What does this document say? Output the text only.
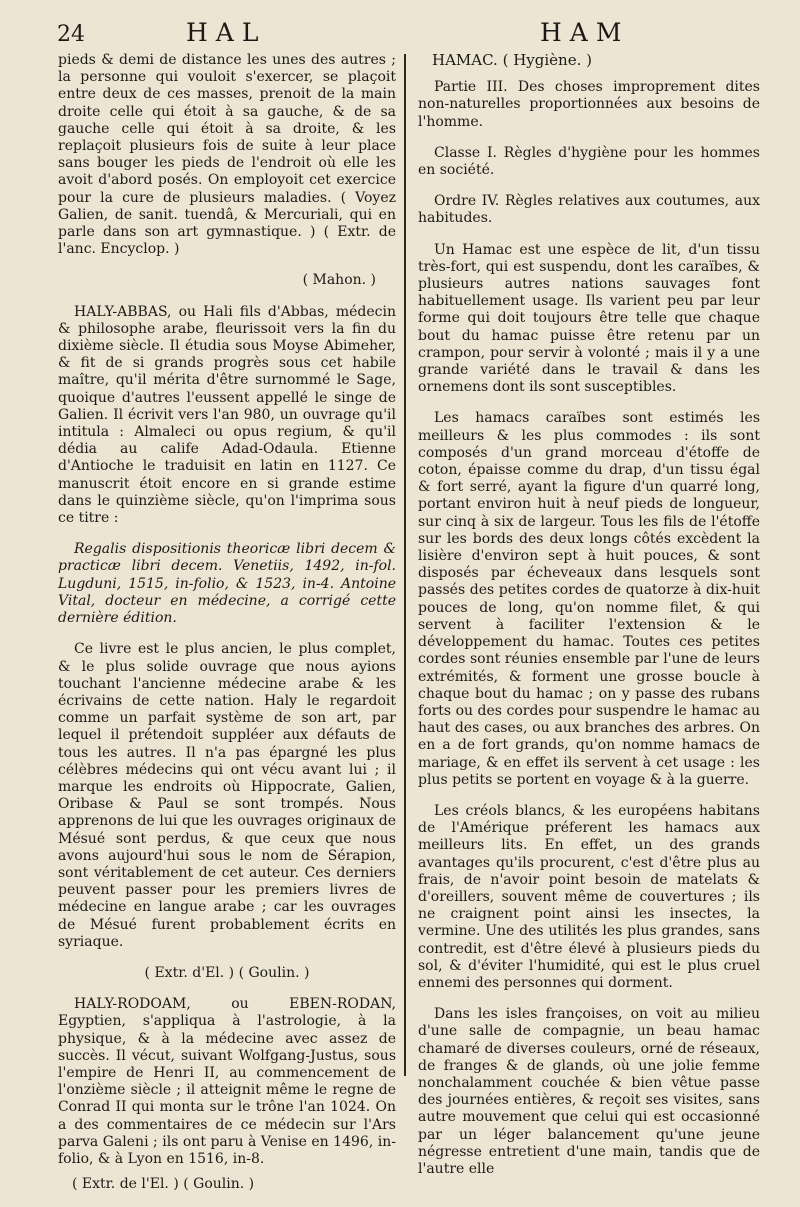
24	HAL	HAM

pieds & demi de distance les unes des autres ; la personne qui vouloit s'exercer, se plaçoit entre deux de ces masses, prenoit de la main droite celle qui étoit à sa gauche, & de sa gauche celle qui étoit à sa droite, & les replaçoit plusieurs fois de suite à leur place sans bouger les pieds de l'endroit où elle les avoit d'abord posés. On employoit cet exercice pour la cure de plusieurs maladies. ( Voyez Galien, de sanit. tuendâ, & Mercuriali, qui en parle dans son art gymnastique. ) ( Extr. de l'anc. Encyclop. )

( Mahon. )

HALY-ABBAS, ou Hali fils d'Abbas, médecin & philosophe arabe, fleurissoit vers la fin du dixième siècle. Il étudia sous Moyse Abimeher, & fit de si grands progrès sous cet habile maître, qu'il mérita d'être surnommé le Sage, quoique d'autres l'eussent appellé le singe de Galien. Il écrivit vers l'an 980, un ouvrage qu'il intitula : Almaleci ou opus regium, & qu'il dédia au calife Adad-Odaula. Etienne d'Antioche le traduisit en latin en 1127. Ce manuscrit étoit encore en si grande estime dans le quinzième siècle, qu'on l'imprima sous ce titre :

Regalis dispositionis theoricæ libri decem & practicæ libri decem. Venetiis, 1492, in-fol. Lugduni, 1515, in-folio, & 1523, in-4. Antoine Vital, docteur en médecine, a corrigé cette dernière édition.

Ce livre est le plus ancien, le plus complet, & le plus solide ouvrage que nous ayions touchant l'ancienne médecine arabe & les écrivains de cette nation. Haly le regardoit comme un parfait système de son art, par lequel il prétendoit suppléer aux défauts de tous les autres. Il n'a pas épargné les plus célèbres médecins qui ont vécu avant lui ; il marque les endroits où Hippocrate, Galien, Oribase & Paul se sont trompés. Nous apprenons de lui que les ouvrages originaux de Mésué sont perdus, & que ceux que nous avons aujourd'hui sous le nom de Sérapion, sont véritablement de cet auteur. Ces derniers peuvent passer pour les premiers livres de médecine en langue arabe ; car les ouvrages de Mésué furent probablement écrits en syriaque.

( Extr. d'El. ) ( Goulin. )

HALY-RODOAM, ou EBEN-RODAN, Egyptien, s'appliqua à l'astrologie, à la physique, & à la médecine avec assez de succès. Il vécut, suivant Wolfgang-Justus, sous l'empire de Henri II, au commencement de l'onzième siècle ; il atteignit même le regne de Conrad II qui monta sur le trône l'an 1024. On a des commentaires de ce médecin sur l'Ars parva Galeni ; ils ont paru à Venise en 1496, in-folio, & à Lyon en 1516, in-8.

( Extr. de l'El. ) ( Goulin. )

HAMAC. ( Hygiène. )

Partie III. Des choses improprement dites non-naturelles proportionnées aux besoins de l'homme.

Classe I. Règles d'hygiène pour les hommes en société.

Ordre IV. Règles relatives aux coutumes, aux habitudes.

Un Hamac est une espèce de lit, d'un tissu très-fort, qui est suspendu, dont les caraïbes, & plusieurs autres nations sauvages font habituellement usage. Ils varient peu par leur forme qui doit toujours être telle que chaque bout du hamac puisse être retenu par un crampon, pour servir à volonté ; mais il y a une grande variété dans le travail & dans les ornemens dont ils sont susceptibles.

Les hamacs caraïbes sont estimés les meilleurs & les plus commodes : ils sont composés d'un grand morceau d'étoffe de coton, épaisse comme du drap, d'un tissu égal & fort serré, ayant la figure d'un quarré long, portant environ huit à neuf pieds de longueur, sur cinq à six de largeur. Tous les fils de l'étoffe sur les bords des deux longs côtés excèdent la lisière d'environ sept à huit pouces, & sont disposés par écheveaux dans lesquels sont passés des petites cordes de quatorze à dix-huit pouces de long, qu'on nomme filet, & qui servent à faciliter l'extension & le développement du hamac. Toutes ces petites cordes sont réunies ensemble par l'une de leurs extrémités, & forment une grosse boucle à chaque bout du hamac ; on y passe des rubans forts ou des cordes pour suspendre le hamac au haut des cases, ou aux branches des arbres. On en a de fort grands, qu'on nomme hamacs de mariage, & en effet ils servent à cet usage : les plus petits se portent en voyage & à la guerre.

Les créols blancs, & les européens habitans de l'Amérique préferent les hamacs aux meilleurs lits. En effet, un des grands avantages qu'ils procurent, c'est d'être plus au frais, de n'avoir point besoin de matelats & d'oreillers, souvent même de couvertures ; ils ne craignent point ainsi les insectes, la vermine. Une des utilités les plus grandes, sans contredit, est d'être élevé à plusieurs pieds du sol, & d'éviter l'humidité, qui est le plus cruel ennemi des personnes qui dorment.

Dans les isles françoises, on voit au milieu d'une salle de compagnie, un beau hamac chamaré de diverses couleurs, orné de réseaux, de franges & de glands, où une jolie femme nonchalamment couchée & bien vêtue passe des journées entières, & reçoit ses visites, sans autre mouvement que celui qui est occasionné par un léger balancement qu'une jeune négresse entretient d'une main, tandis que de l'autre elle
